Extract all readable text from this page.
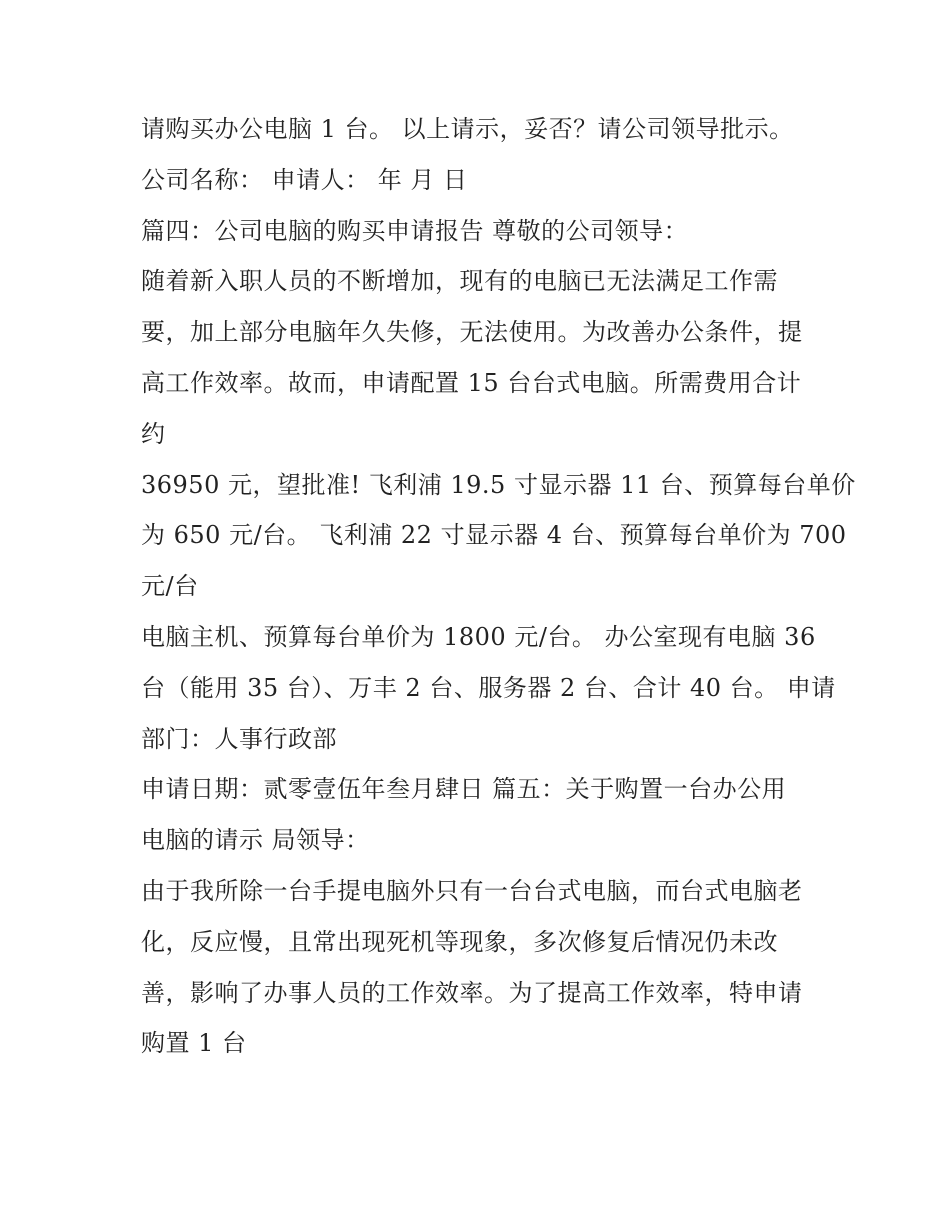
请购买办公电脑 1 台。 以上请示，妥否？请公司领导批示。
公司名称： 申请人： 年 月 日
篇四：公司电脑的购买申请报告 尊敬的公司领导：
随着新入职人员的不断增加，现有的电脑已无法满足工作需
要，加上部分电脑年久失修，无法使用。为改善办公条件，提
高工作效率。故而，申请配置 15 台台式电脑。所需费用合计
约
36950 元，望批准! 飞利浦 19.5 寸显示器 11 台、预算每台单价
为 650 元/台。 飞利浦 22 寸显示器 4 台、预算每台单价为 700
元/台
电脑主机、预算每台单价为 1800 元/台。 办公室现有电脑 36
台（能用 35 台）、万丰 2 台、服务器 2 台、合计 40 台。 申请
部门：人事行政部
申请日期：贰零壹伍年叁月肆日 篇五：关于购置一台办公用
电脑的请示 局领导：
由于我所除一台手提电脑外只有一台台式电脑，而台式电脑老
化，反应慢，且常出现死机等现象，多次修复后情况仍未改
善，影响了办事人员的工作效率。为了提高工作效率，特申请
购置 1 台
